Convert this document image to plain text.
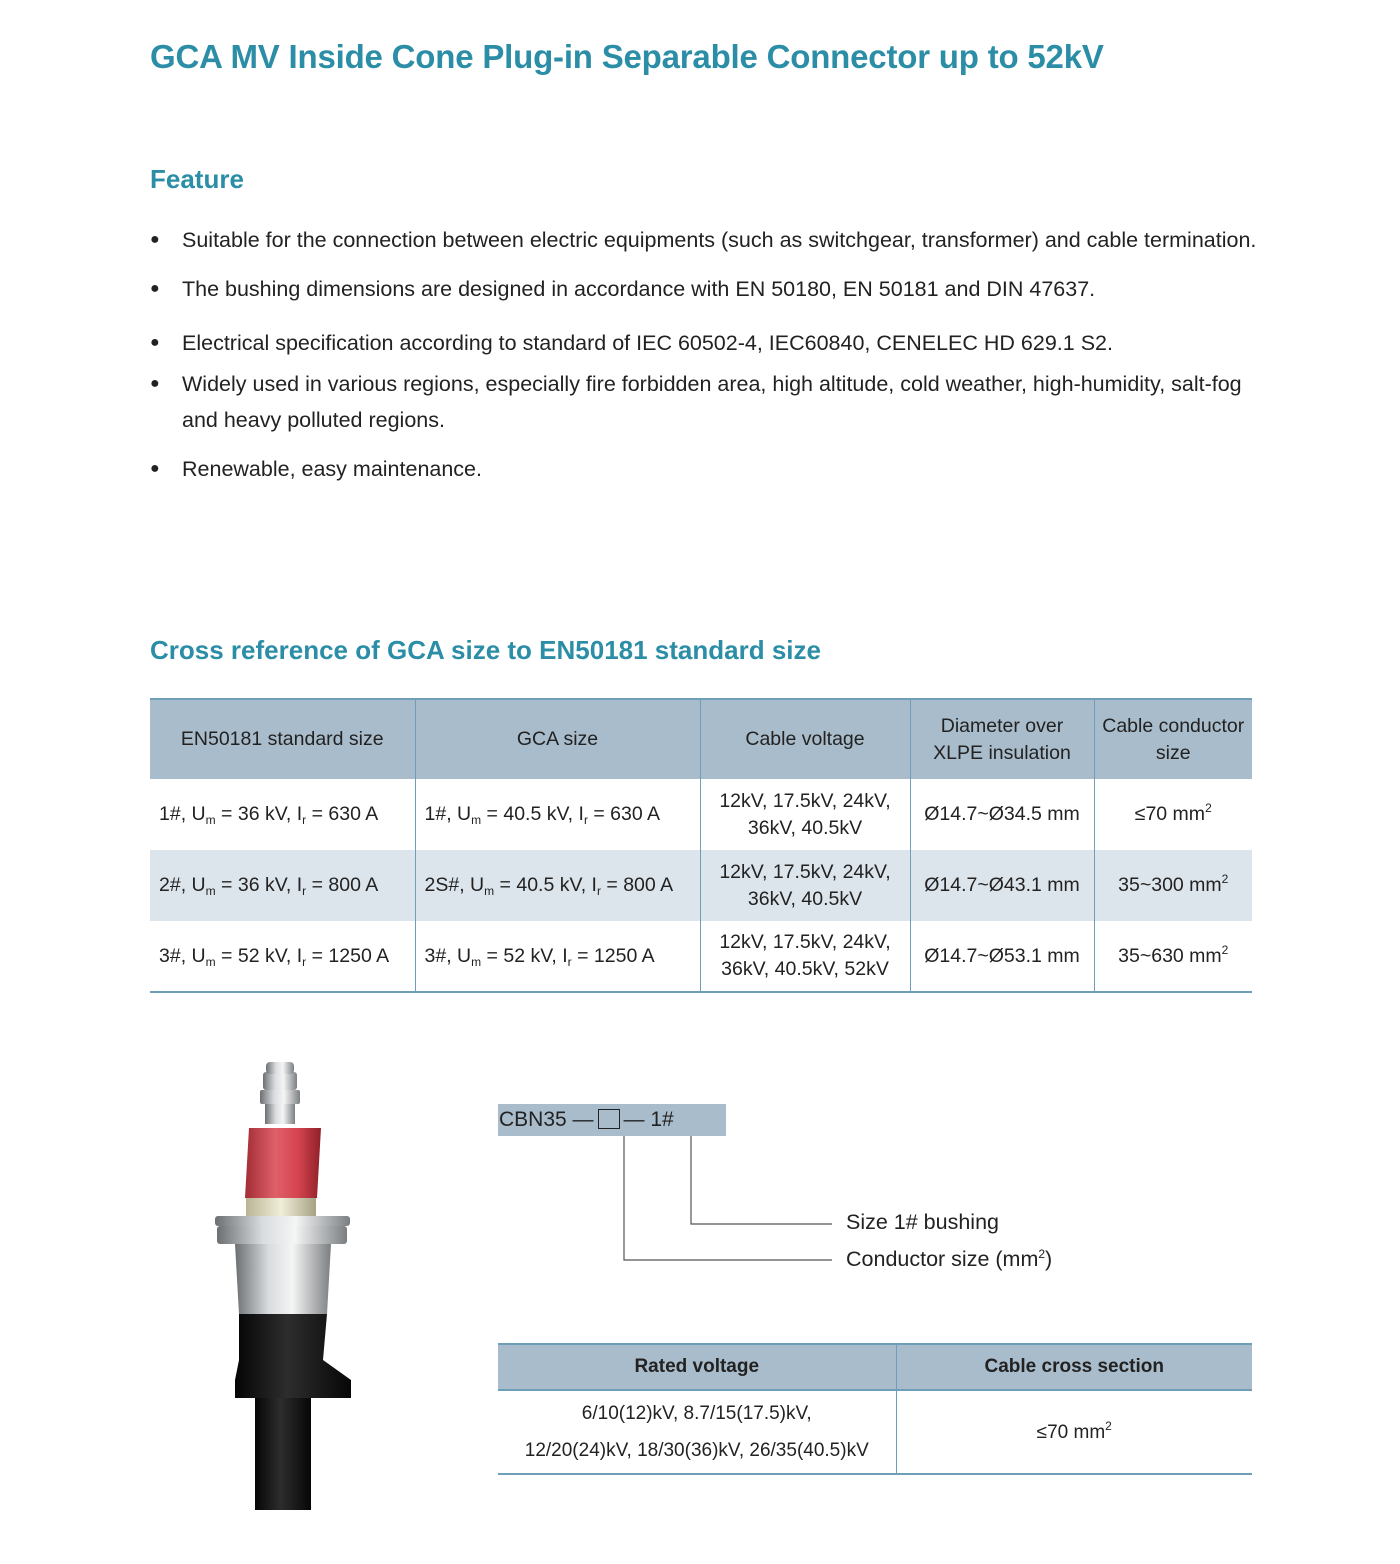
GCA MV Inside Cone Plug-in Separable Connector up to 52kV
Feature
● Suitable for the connection between electric equipments (such as switchgear, transformer) and cable termination.
● The bushing dimensions are designed in accordance with EN 50180, EN 50181 and DIN 47637.
● Electrical specification according to standard of IEC 60502-4, IEC60840, CENELEC HD 629.1 S2.
● Widely used in various regions, especially fire forbidden area, high altitude, cold weather, high-humidity, salt-fog and heavy polluted regions.
● Renewable, easy maintenance.
Cross reference of GCA size to EN50181 standard size
EN50181 standard size	GCA size	Cable voltage	Diameter over XLPE insulation	Cable conductor size
1#, $U_m = 36$ kV, $I_r = 630$ A	1#, $U_m = 40.5$ kV, $I_r = 630$ A	12kV, 17.5kV, 24kV,
36kV, 40.5kV	Ø14.7~Ø34.5 mm	≤70 $mm^2$
2#, $U_m = 36$ kV, $I_r = 800$ A	2S#, $U_m = 40.5$ kV, $I_r = 800$ A	12kV, 17.5kV, 24kV,
36kV, 40.5kV	Ø14.7~Ø43.1 mm	35~300 $mm^2$
3#, $U_m = 52$ kV, $I_r = 1250$ A	3#, $U_m = 52$ kV, $I_r = 1250$ A	12kV, 17.5kV, 24kV,
36kV, 40.5kV, 52kV	Ø14.7~Ø53.1 mm	35~630 $mm^2$
CBN35 — — 1#
Size 1# bushing
Conductor size $(mm^2)$
Rated voltage	Cable cross section
6/10(12)kV, 8.7/15(17.5)kV,
12/20(24)kV, 18/30(36)kV, 26/35(40.5)kV	≤70 $mm^2$
